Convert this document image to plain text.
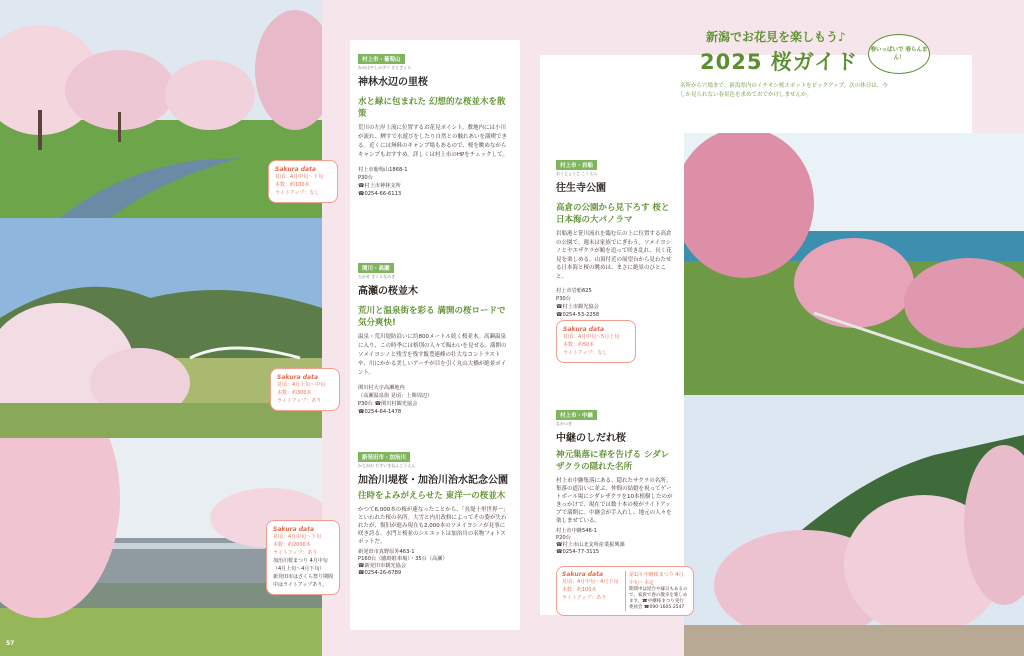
新潟でお花見を楽しもう♪
2025 桜ガイド	春いっぱいで 春らんまん！
名所から穴場まで、新潟県内のイチオシ桜スポットをピックアップ。次の休日は、今しか見られない春景色を求めておでかけしませんか。
村上市・葡萄山
かみはやしみずべ さとざくら
神林水辺の里桜
水と緑に包まれた 幻想的な桜並木を散策
荒川の左岸上流に位置するお花見ポイント。敷地内には小川が流れ、鯉すで水遊びをしたり自然との触れあいを満喫できる。近くには無料のキャンプ場もあるので、桜を眺めながらキャンプもおすすめ。詳しくは村上市のHPをチェックして。
村上市葡萄山1868-1
P30台
☎村上市神林支所
☎0254-66-6113
Sakura data
見頃：4月中旬〜下旬
本数：約100本
ライトアップ：なし
関川・高瀬
たかせ さくらなみき
高瀬の桜並木
荒川と温泉街を彩る 満開の桜ロードで気分爽快!
温泉・荒川堤防沿いに約800メートル続く桜並木。高瀬温泉に入り、この時季には格別の人々で賑わいを見せる。満開のソメイヨシノと残雪を残す飯豊連峰の壮大なコントラストや、川にかかる美しいアーチが目を引く丸山大橋が絶景ポイント。
関川村大字高瀬地内
（高瀬温泉街 見頃：上関周辺）
P30台 ☎関川村観光協会
☎0254-64-1478
Sakura data
見頃：4月上旬〜中旬
本数：約300本
ライトアップ：あり
新発田市・加治川
かじがわ ちすいきねんこうえん
加治川堤桜・加治川治水記念公園
往時をよみがえらせた 東洋一の桜並木
かつて6,000本の桜が連なったことから、「長堤十里世界一」といわれた桜の名所。大雪と内川改修によってその姿が失われたが、復旧が進み現在も2,000本のソメイヨシノが見事に咲き誇る。水門と桜並のシルエットは加治川の名物フォトスポットだ。
新発田市真野原外463-1
P160台（臨時駐車場）・35台（高瀬）
☎新発田市観光協会
☎0254-26-6789
Sakura data
見頃：4月中旬〜下旬
本数：約2000本
ライトアップ：あり
加治川桜まつり 4月中旬（4月上旬〜4月下旬）
新発田市はさくら祭り期間中はライトアップあり。
村上市・岩船
おうじょうじ こうえん
往生寺公園
高倉の公園から見下ろす 桜と日本海の大パノラマ
岩船港と笹川流れを臨む丘の上に位置する高倉の公園で、週末は家族でにぎわう。ソメイヨシノとヤエザクラが順を追って咲き乱れ、長く花見を楽しめる。山頂付近の展望台から見わたせる日本海と桜の眺めは、まさに絶景のひとこと。
村上市岩船625
P30台
☎村上市観光協会
☎0254-53-2258
Sakura data
見頃：4月中旬〜5月上旬
本数：約50本
ライトアップ：なし
村上市・中継
なかつぎ
中継のしだれ桜
神元集落に春を告げる シダレザクラの隠れた名所
村上市中継集落にある、隠れたサクラの名所。集落の道沿いに並ぶ、仲間の結婚を祝ってゲートボール場にシダレザクラを10本植樹したのがきっかけで、現在では数十本の桜がライトアップで満開に。中継会が手入れし、地元の人々を楽しませている。
村上市中継546-1
P20台
☎村上市山北支所産業振興課
☎0254-77-3115
Sakura data
見頃：4月中旬〜4月下旬
本数：約100本
ライトアップ：あり
第1回 中継桜まつり 4月中旬〜未定
期間中は屋台や縁日もあるので、家族で春の散歩を楽しめます。☎中継桜まつり実行委員会 ☎090-1605-2547
57
